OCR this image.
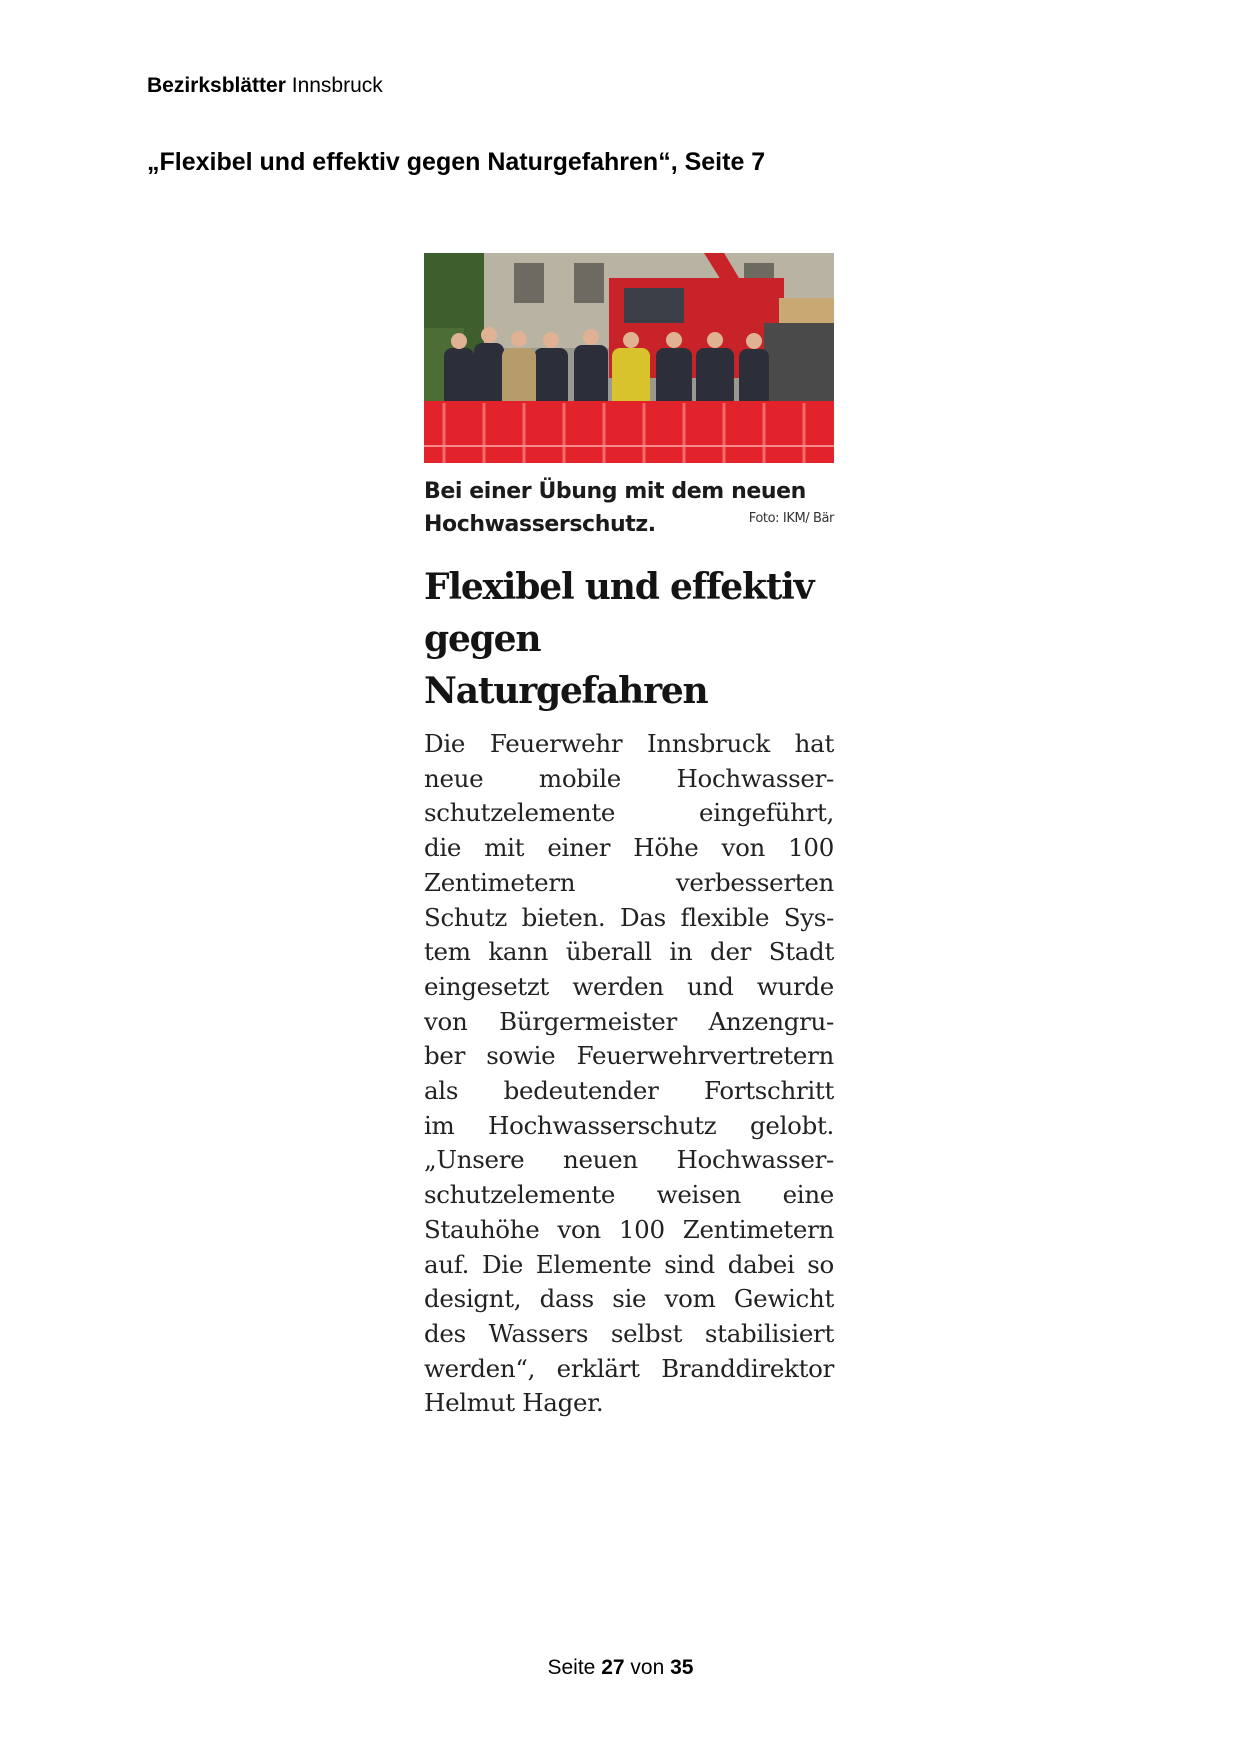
Bezirksblätter Innsbruck
„Flexibel und effektiv gegen Naturgefahren“, Seite 7
Bei einer Übung mit dem neuen
Hochwasserschutz.	Foto: IKM/ Bär
Flexibel und effektiv
gegen Naturgefahren
Die Feuerwehr Innsbruck hat
neue mobile Hochwasser-
schutzelemente eingeführt,
die mit einer Höhe von 100
Zentimetern verbesserten
Schutz bieten. Das flexible Sys-
tem kann überall in der Stadt
eingesetzt werden und wurde
von Bürgermeister Anzengru-
ber sowie Feuerwehrvertretern
als bedeutender Fortschritt
im Hochwasserschutz gelobt.
„Unsere neuen Hochwasser-
schutzelemente weisen eine
Stauhöhe von 100 Zentimetern
auf. Die Elemente sind dabei so
designt, dass sie vom Gewicht
des Wassers selbst stabilisiert
werden“, erklärt Branddirektor
Helmut Hager.
Seite 27 von 35
